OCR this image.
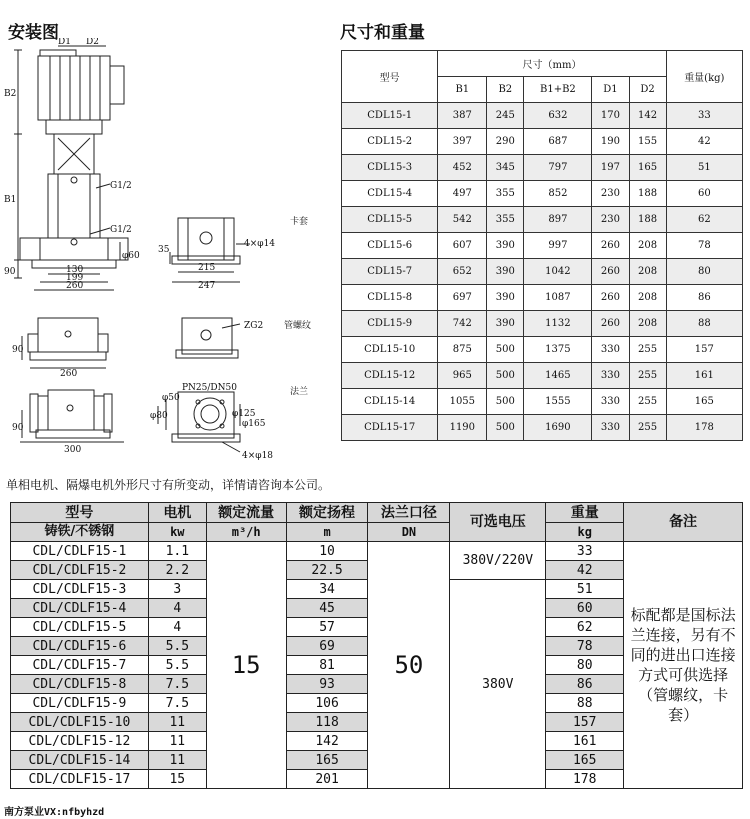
安装图	尺寸和重量
D1 D2
B2
B1
G1/2
G1/2
90
φ60
130
199
260
35
215
247
4×φ14
卡套
90
260
ZG2 管螺纹
PN25/DN50	法兰
φ80
φ50
φ125
φ165
4×φ18
90
300
型号	尺寸（mm）					重量(kg)
	B1	B2	B1+B2	D1	D2	
CDL15-1	387	245	632	170	142	33
CDL15-2	397	290	687	190	155	42
CDL15-3	452	345	797	197	165	51
CDL15-4	497	355	852	230	188	60
CDL15-5	542	355	897	230	188	62
CDL15-6	607	390	997	260	208	78
CDL15-7	652	390	1042	260	208	80
CDL15-8	697	390	1087	260	208	86
CDL15-9	742	390	1132	260	208	88
CDL15-10	875	500	1375	330	255	157
CDL15-12	965	500	1465	330	255	161
CDL15-14	1055	500	1555	330	255	165
CDL15-17	1190	500	1690	330	255	178
单相电机、隔爆电机外形尺寸有所变动，详情请咨询本公司。
型号	电机	额定流量	额定扬程	法兰口径	可选电压	重量	备注
铸铁/不锈钢	kw	m³/h	m	DN		kg	
CDL/CDLF15-1	1.1	15	10	50	380V/220V	33	标配都是国标法兰连接，另有不同的进出口连接方式可供选择（管螺纹，卡套）
CDL/CDLF15-2	2.2		22.5			42	
CDL/CDLF15-3	3		34		380V	51	
CDL/CDLF15-4	4		45			60	
CDL/CDLF15-5	4		57			62	
CDL/CDLF15-6	5.5		69			78	
CDL/CDLF15-7	5.5		81			80	
CDL/CDLF15-8	7.5		93			86	
CDL/CDLF15-9	7.5		106			88	
CDL/CDLF15-10	11		118			157	
CDL/CDLF15-12	11		142			161	
CDL/CDLF15-14	11		165			165	
CDL/CDLF15-17	15		201			178	
南方泵业VX:nfbyhzd
